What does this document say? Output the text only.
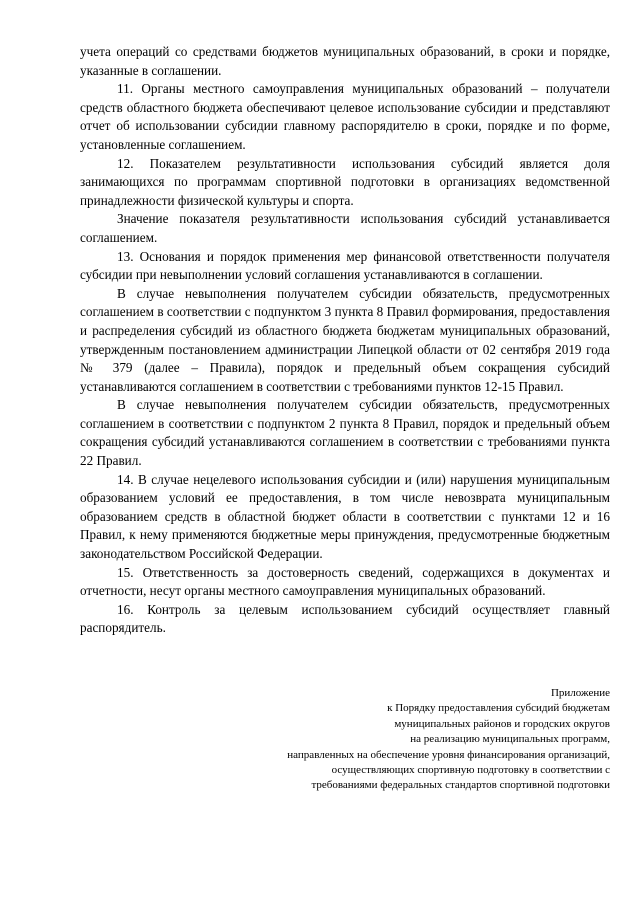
учета операций со средствами бюджетов муниципальных образований, в сроки и порядке, указанные в соглашении.

11. Органы местного самоуправления муниципальных образований – получатели средств областного бюджета обеспечивают целевое использование субсидии и представляют отчет об использовании субсидии главному распорядителю в сроки, порядке и по форме, установленные соглашением.

12. Показателем результативности использования субсидий является доля занимающихся по программам спортивной подготовки в организациях ведомственной принадлежности физической культуры и спорта.

Значение показателя результативности использования субсидий устанавливается соглашением.

13. Основания и порядок применения мер финансовой ответственности получателя субсидии при невыполнении условий соглашения устанавливаются в соглашении.

В случае невыполнения получателем субсидии обязательств, предусмотренных соглашением в соответствии с подпунктом 3 пункта 8 Правил формирования, предоставления и распределения субсидий из областного бюджета бюджетам муниципальных образований, утвержденным постановлением администрации Липецкой области от 02 сентября 2019 года № 379 (далее – Правила), порядок и предельный объем сокращения субсидий устанавливаются соглашением в соответствии с требованиями пунктов 12-15 Правил.

В случае невыполнения получателем субсидии обязательств, предусмотренных соглашением в соответствии с подпунктом 2 пункта 8 Правил, порядок и предельный объем сокращения субсидий устанавливаются соглашением в соответствии с требованиями пункта 22 Правил.

14. В случае нецелевого использования субсидии и (или) нарушения муниципальным образованием условий ее предоставления, в том числе невозврата муниципальным образованием средств в областной бюджет области в соответствии с пунктами 12 и 16 Правил, к нему применяются бюджетные меры принуждения, предусмотренные бюджетным законодательством Российской Федерации.

15. Ответственность за достоверность сведений, содержащихся в документах и отчетности, несут органы местного самоуправления муниципальных образований.

16. Контроль за целевым использованием субсидий осуществляет главный распорядитель.

Приложение
к Порядку предоставления субсидий бюджетам
муниципальных районов и городских округов
на реализацию муниципальных программ,
направленных на обеспечение уровня финансирования организаций,
осуществляющих спортивную подготовку в соответствии с
требованиями федеральных стандартов спортивной подготовки
